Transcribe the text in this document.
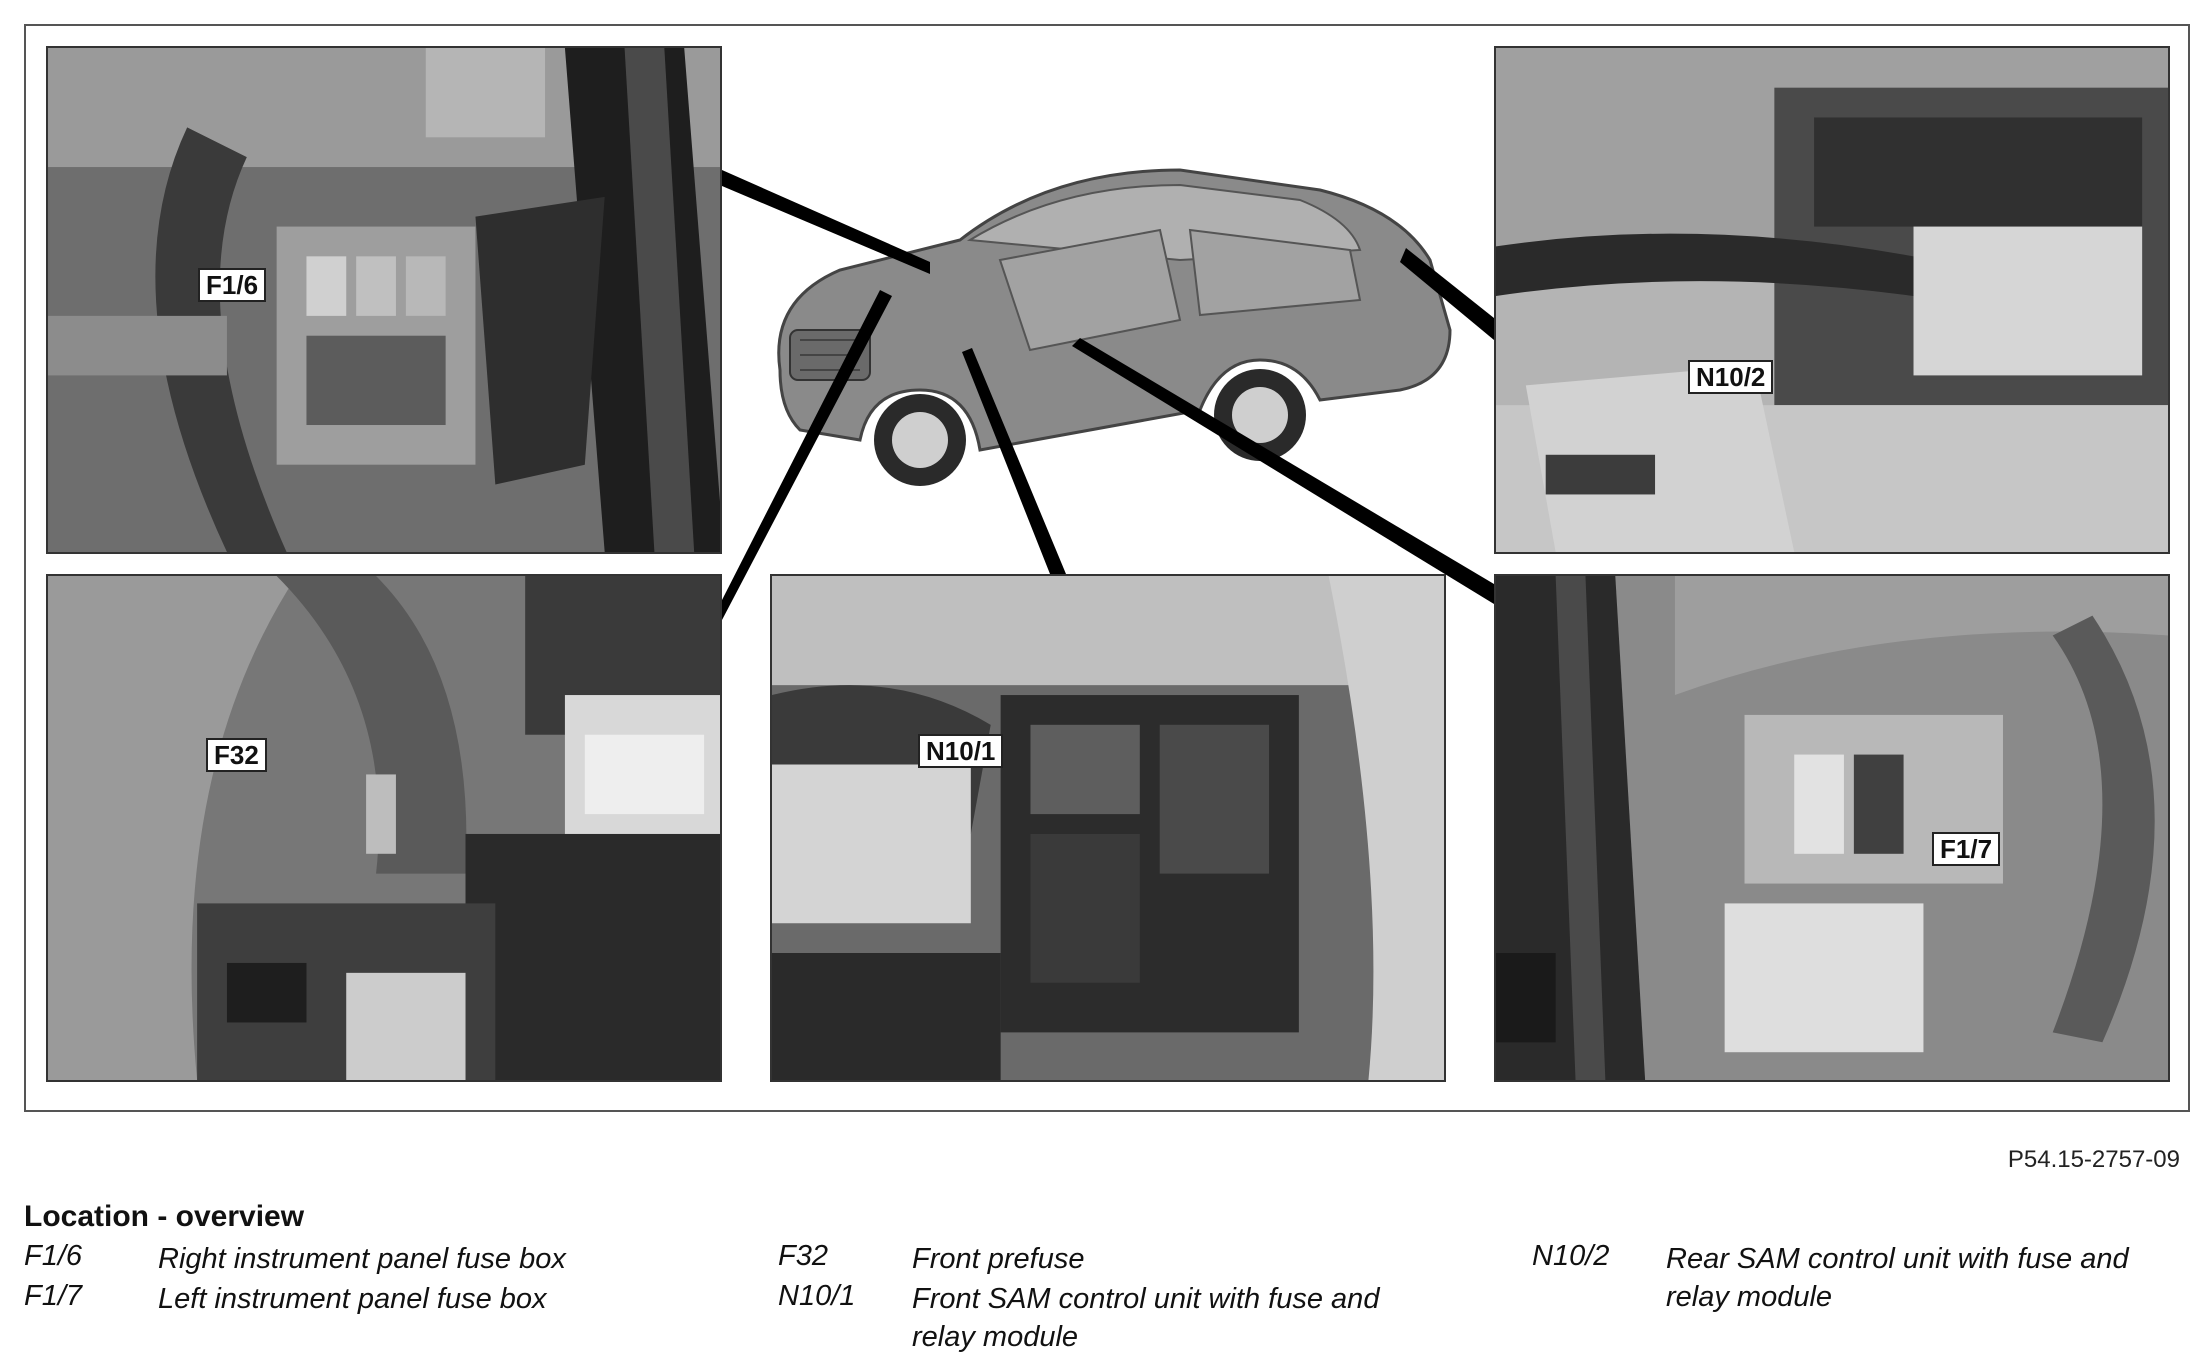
F1/6
N10/2
F32	N10/1
F1/7
P54.15-2757-09
Location - overview
F1/6	Right instrument panel fuse box
F1/7	Left instrument panel fuse box
F32	Front prefuse
N10/1 Front SAM control unit with fuse and relay module
N10/2 Rear SAM control unit with fuse and relay module
